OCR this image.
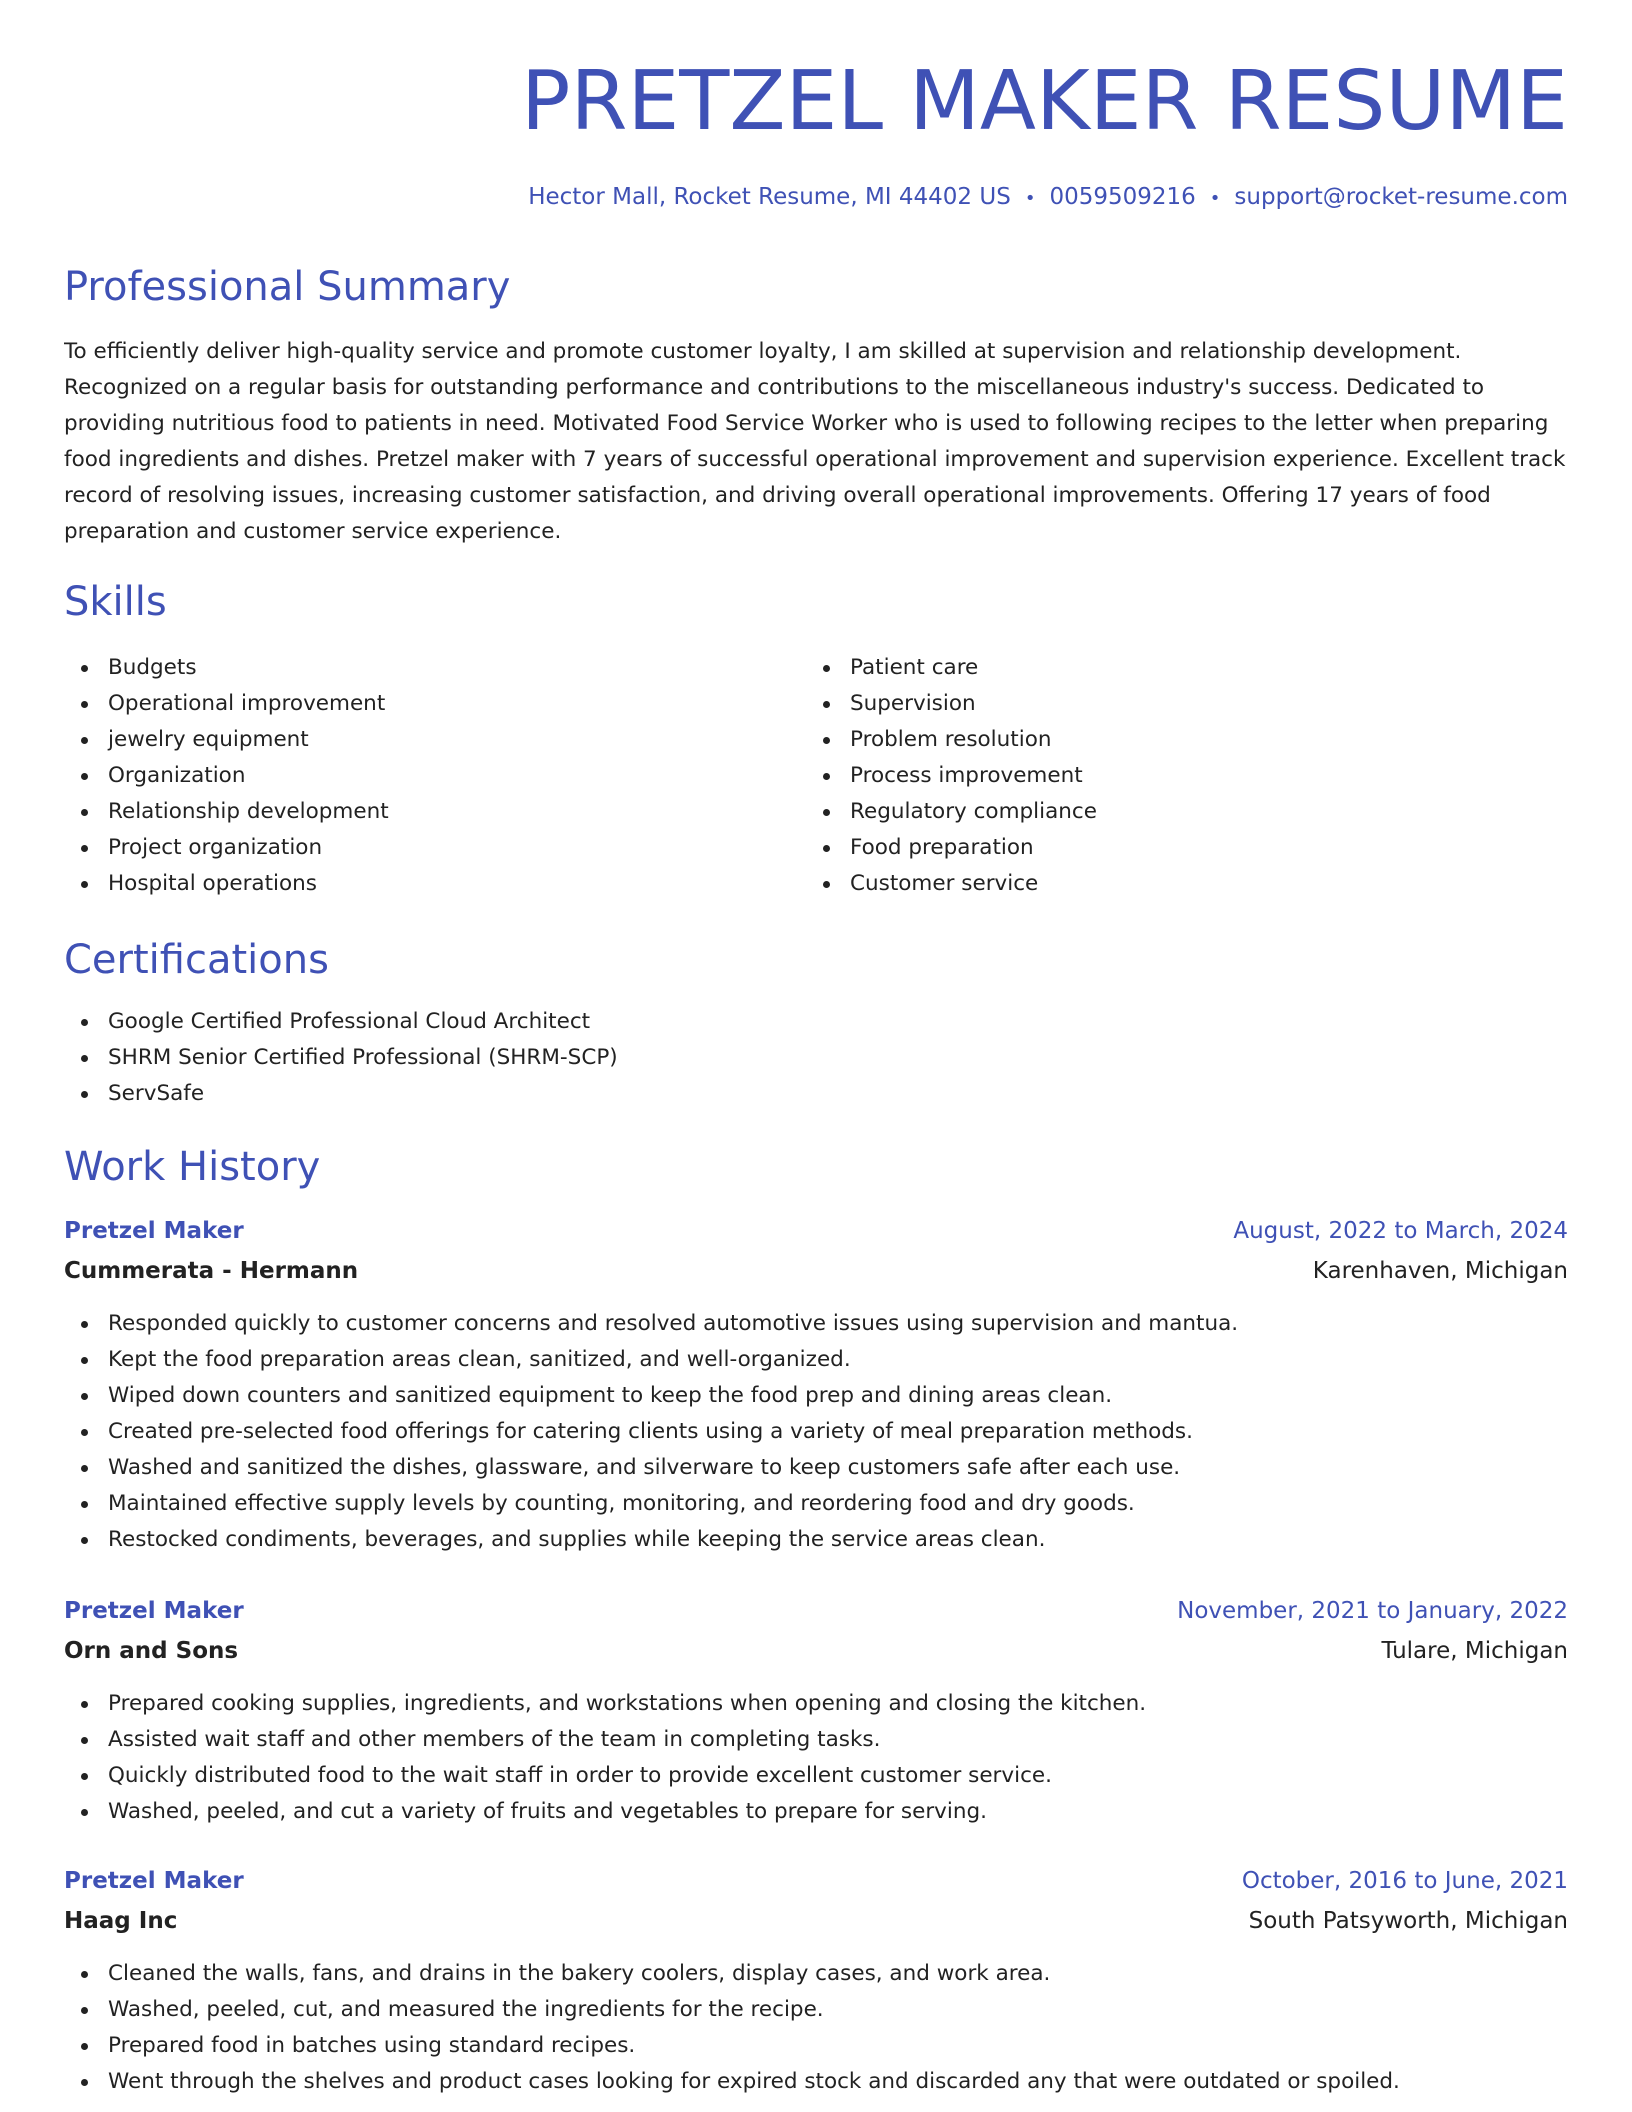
PRETZEL MAKER RESUME
Hector Mall, Rocket Resume, MI 44402 US • 0059509216 • support@rocket-resume.com
Professional Summary

To efficiently deliver high-quality service and promote customer loyalty, I am skilled at supervision and relationship development. Recognized on a regular basis for outstanding performance and contributions to the miscellaneous industry's success. Dedicated to providing nutritious food to patients in need. Motivated Food Service Worker who is used to following recipes to the letter when preparing food ingredients and dishes. Pretzel maker with 7 years of successful operational improvement and supervision experience. Excellent track record of resolving issues, increasing customer satisfaction, and driving overall operational improvements. Offering 17 years of food preparation and customer service experience.

Skills
Budgets
Operational improvement
jewelry equipment
Organization
Relationship development
Project organization
Hospital operations
Patient care
Supervision
Problem resolution
Process improvement
Regulatory compliance
Food preparation
Customer service
Certifications
Google Certified Professional Cloud Architect
SHRM Senior Certified Professional (SHRM-SCP)
ServSafe
Work History
Pretzel Maker	August, 2022 to March, 2024
Cummerata - Hermann	Karenhaven, Michigan
Responded quickly to customer concerns and resolved automotive issues using supervision and mantua.
Kept the food preparation areas clean, sanitized, and well-organized.
Wiped down counters and sanitized equipment to keep the food prep and dining areas clean.
Created pre-selected food offerings for catering clients using a variety of meal preparation methods.
Washed and sanitized the dishes, glassware, and silverware to keep customers safe after each use.
Maintained effective supply levels by counting, monitoring, and reordering food and dry goods.
Restocked condiments, beverages, and supplies while keeping the service areas clean.
Pretzel Maker	November, 2021 to January, 2022
Orn and Sons	Tulare, Michigan
Prepared cooking supplies, ingredients, and workstations when opening and closing the kitchen.
Assisted wait staff and other members of the team in completing tasks.
Quickly distributed food to the wait staff in order to provide excellent customer service.
Washed, peeled, and cut a variety of fruits and vegetables to prepare for serving.
Pretzel Maker	October, 2016 to June, 2021
Haag Inc	South Patsyworth, Michigan
Cleaned the walls, fans, and drains in the bakery coolers, display cases, and work area.
Washed, peeled, cut, and measured the ingredients for the recipe.
Prepared food in batches using standard recipes.
Went through the shelves and product cases looking for expired stock and discarded any that were outdated or spoiled.
